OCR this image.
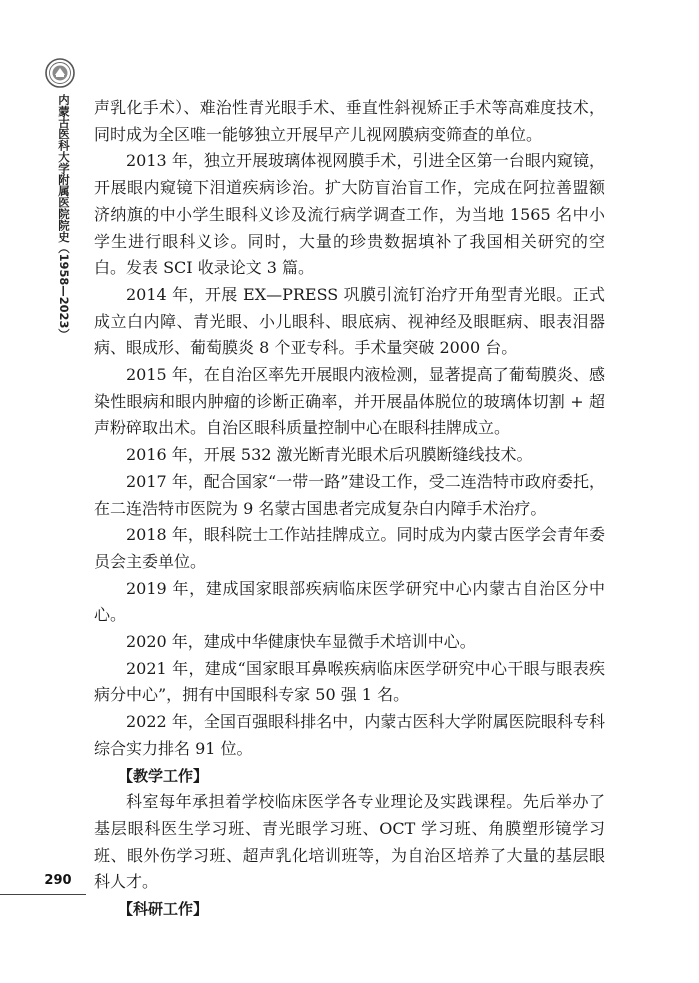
内蒙古医科大学附属医院院史（1958—2023）
290

声乳化手术）、难治性青光眼手术、垂直性斜视矫正手术等高难度技术，同时成为全区唯一能够独立开展早产儿视网膜病变筛查的单位。

2013 年，独立开展玻璃体视网膜手术，引进全区第一台眼内窥镜，开展眼内窥镜下泪道疾病诊治。扩大防盲治盲工作，完成在阿拉善盟额济纳旗的中小学生眼科义诊及流行病学调查工作，为当地 1565 名中小学生进行眼科义诊。同时，大量的珍贵数据填补了我国相关研究的空白。发表 SCI 收录论文 3 篇。

2014 年，开展 EX—PRESS 巩膜引流钉治疗开角型青光眼。正式成立白内障、青光眼、小儿眼科、眼底病、视神经及眼眶病、眼表泪器病、眼成形、葡萄膜炎 8 个亚专科。手术量突破 2000 台。

2015 年，在自治区率先开展眼内液检测，显著提高了葡萄膜炎、感染性眼病和眼内肿瘤的诊断正确率，并开展晶体脱位的玻璃体切割 + 超声粉碎取出术。自治区眼科质量控制中心在眼科挂牌成立。

2016 年，开展 532 激光断青光眼术后巩膜断缝线技术。

2017 年，配合国家“一带一路”建设工作，受二连浩特市政府委托，在二连浩特市医院为 9 名蒙古国患者完成复杂白内障手术治疗。

2018 年，眼科院士工作站挂牌成立。同时成为内蒙古医学会青年委员会主委单位。

2019 年，建成国家眼部疾病临床医学研究中心内蒙古自治区分中心。

2020 年，建成中华健康快车显微手术培训中心。

2021 年，建成“国家眼耳鼻喉疾病临床医学研究中心干眼与眼表疾病分中心”，拥有中国眼科专家 50 强 1 名。

2022 年，全国百强眼科排名中，内蒙古医科大学附属医院眼科专科综合实力排名 91 位。

【教学工作】

科室每年承担着学校临床医学各专业理论及实践课程。先后举办了基层眼科医生学习班、青光眼学习班、OCT 学习班、角膜塑形镜学习班、眼外伤学习班、超声乳化培训班等，为自治区培养了大量的基层眼科人才。

【科研工作】
